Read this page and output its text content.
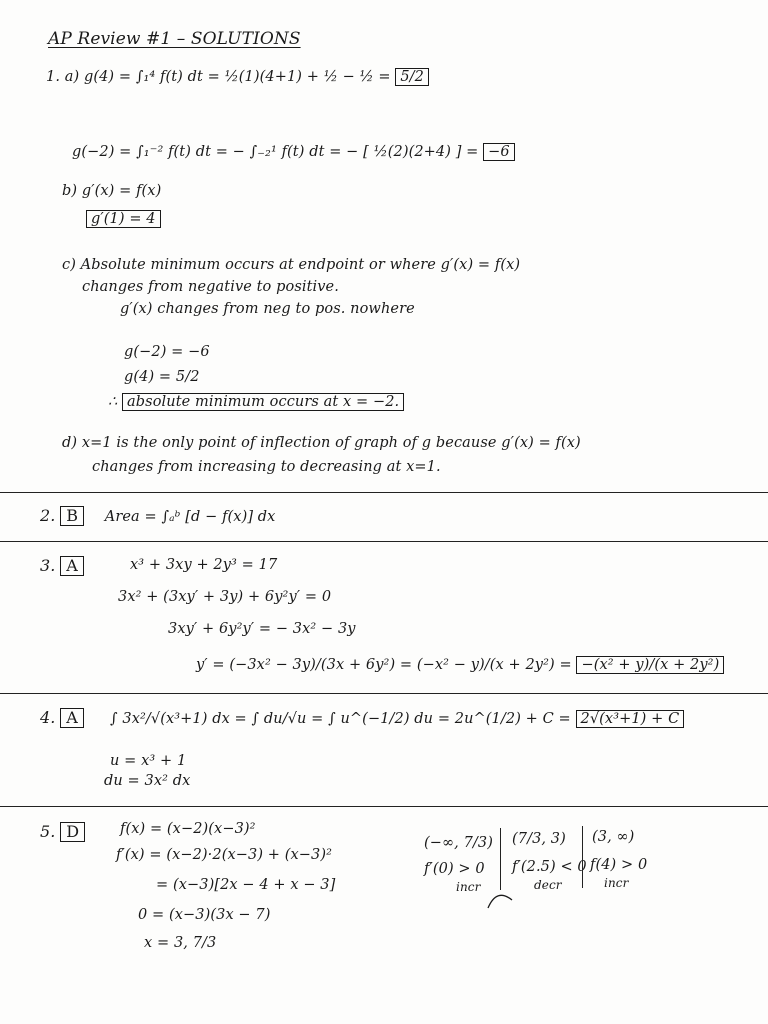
AP Review #1 – SOLUTIONS
1. a) g(4) = ∫₁⁴ f(t) dt = ½(1)(4+1) + ½ − ½ = 5/2
g(−2) = ∫₁⁻² f(t) dt = − ∫₋₂¹ f(t) dt = − [ ½(2)(2+4) ] = −6
b) g′(x) = f(x)
g′(1) = 4
c) Absolute minimum occurs at endpoint or where g′(x) = f(x)
changes from negative to positive.
g′(x) changes from neg to pos. nowhere
g(−2) = −6
g(4) = 5/2
∴ absolute minimum occurs at x = −2.
d) x=1 is the only point of inflection of graph of g because g′(x) = f(x)
changes from increasing to decreasing at x=1.
2. B Area = ∫ₐᵇ [d − f(x)] dx
3. A	x³ + 3xy + 2y³ = 17
3x² + (3xy′ + 3y) + 6y²y′ = 0
3xy′ + 6y²y′ = − 3x² − 3y
y′ = (−3x² − 3y)/(3x + 6y²) = (−x² − y)/(x + 2y²) = −(x² + y)/(x + 2y²)
4. A	∫ 3x²/√(x³+1) dx = ∫ du/√u = ∫ u^(−1/2) du = 2u^(1/2) + C = 2√(x³+1) + C
u = x³ + 1
du = 3x² dx
5. D	f(x) = (x−2)(x−3)²
f′(x) = (x−2)·2(x−3) + (x−3)²
= (x−3)[2x − 4 + x − 3]
0 = (x−3)(3x − 7)
x = 3, 7/3
(−∞, 7/3) (7/3, 3) (3, ∞)
f′(0) > 0 f′(2.5) < 0 f(4) > 0
incr	decr	incr
